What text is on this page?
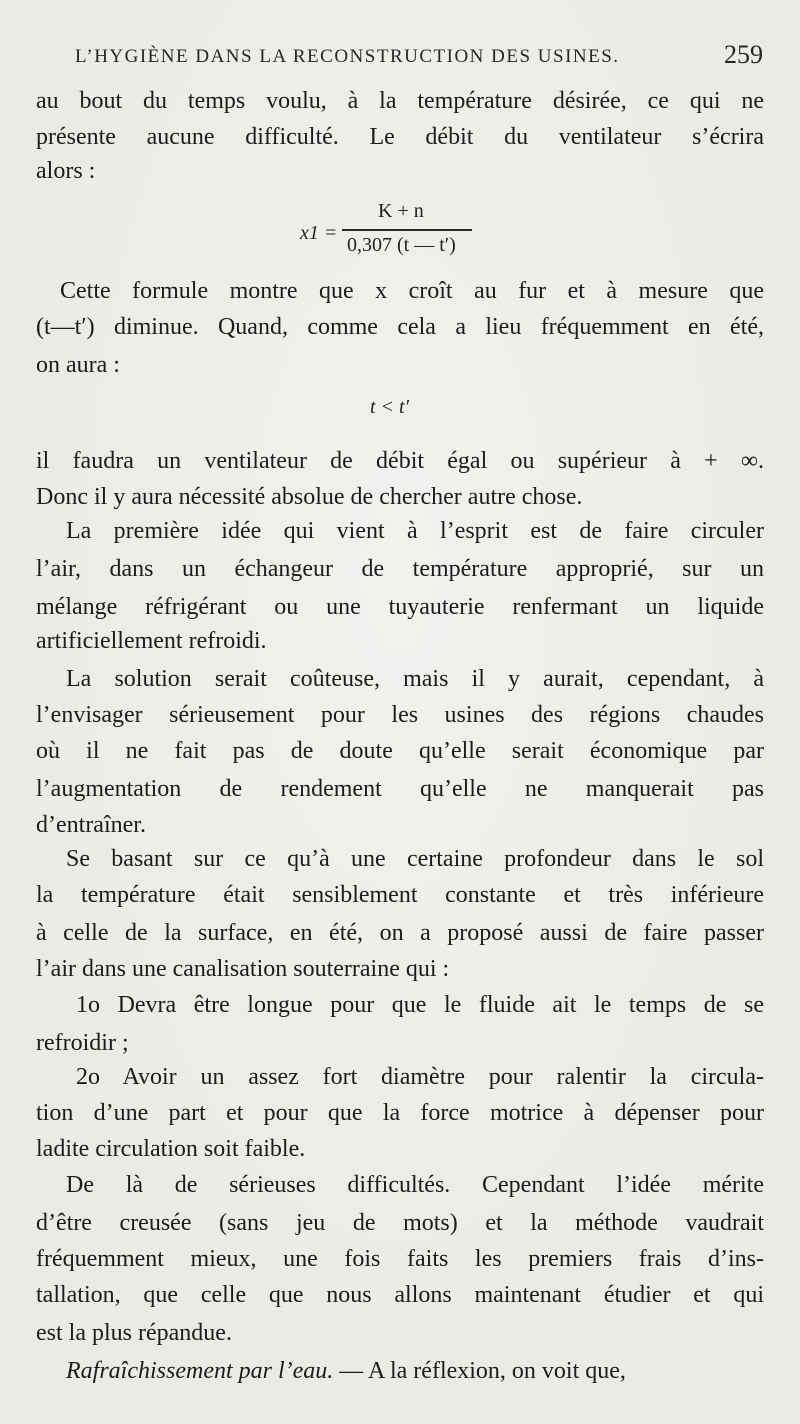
L’HYGIÈNE DANS LA RECONSTRUCTION DES USINES.	259
au bout du temps voulu, à la température désirée, ce qui ne
présente aucune difficulté. Le débit du ventilateur s’écrira
alors :
x1 =
K + n
0,307 (t — t′)
Cette formule montre que x croît au fur et à mesure que
(t—t′) diminue. Quand, comme cela a lieu fréquemment en été,
on aura :
t < t′
il faudra un ventilateur de débit égal ou supérieur à + ∞.
Donc il y aura nécessité absolue de chercher autre chose.
La première idée qui vient à l’esprit est de faire circuler
l’air, dans un échangeur de température approprié, sur un
mélange réfrigérant ou une tuyauterie renfermant un liquide
artificiellement refroidi.
La solution serait coûteuse, mais il y aurait, cependant, à
l’envisager sérieusement pour les usines des régions chaudes
où il ne fait pas de doute qu’elle serait économique par
l’augmentation de rendement qu’elle ne manquerait pas
d’entraîner.
Se basant sur ce qu’à une certaine profondeur dans le sol
la température était sensiblement constante et très inférieure
à celle de la surface, en été, on a proposé aussi de faire passer
l’air dans une canalisation souterraine qui :
1o Devra être longue pour que le fluide ait le temps de se
refroidir ;
2o Avoir un assez fort diamètre pour ralentir la circula-
tion d’une part et pour que la force motrice à dépenser pour
ladite circulation soit faible.
De là de sérieuses difficultés. Cependant l’idée mérite
d’être creusée (sans jeu de mots) et la méthode vaudrait
fréquemment mieux, une fois faits les premiers frais d’ins-
tallation, que celle que nous allons maintenant étudier et qui
est la plus répandue.
Rafraîchissement par l’eau. — A la réflexion, on voit que,
